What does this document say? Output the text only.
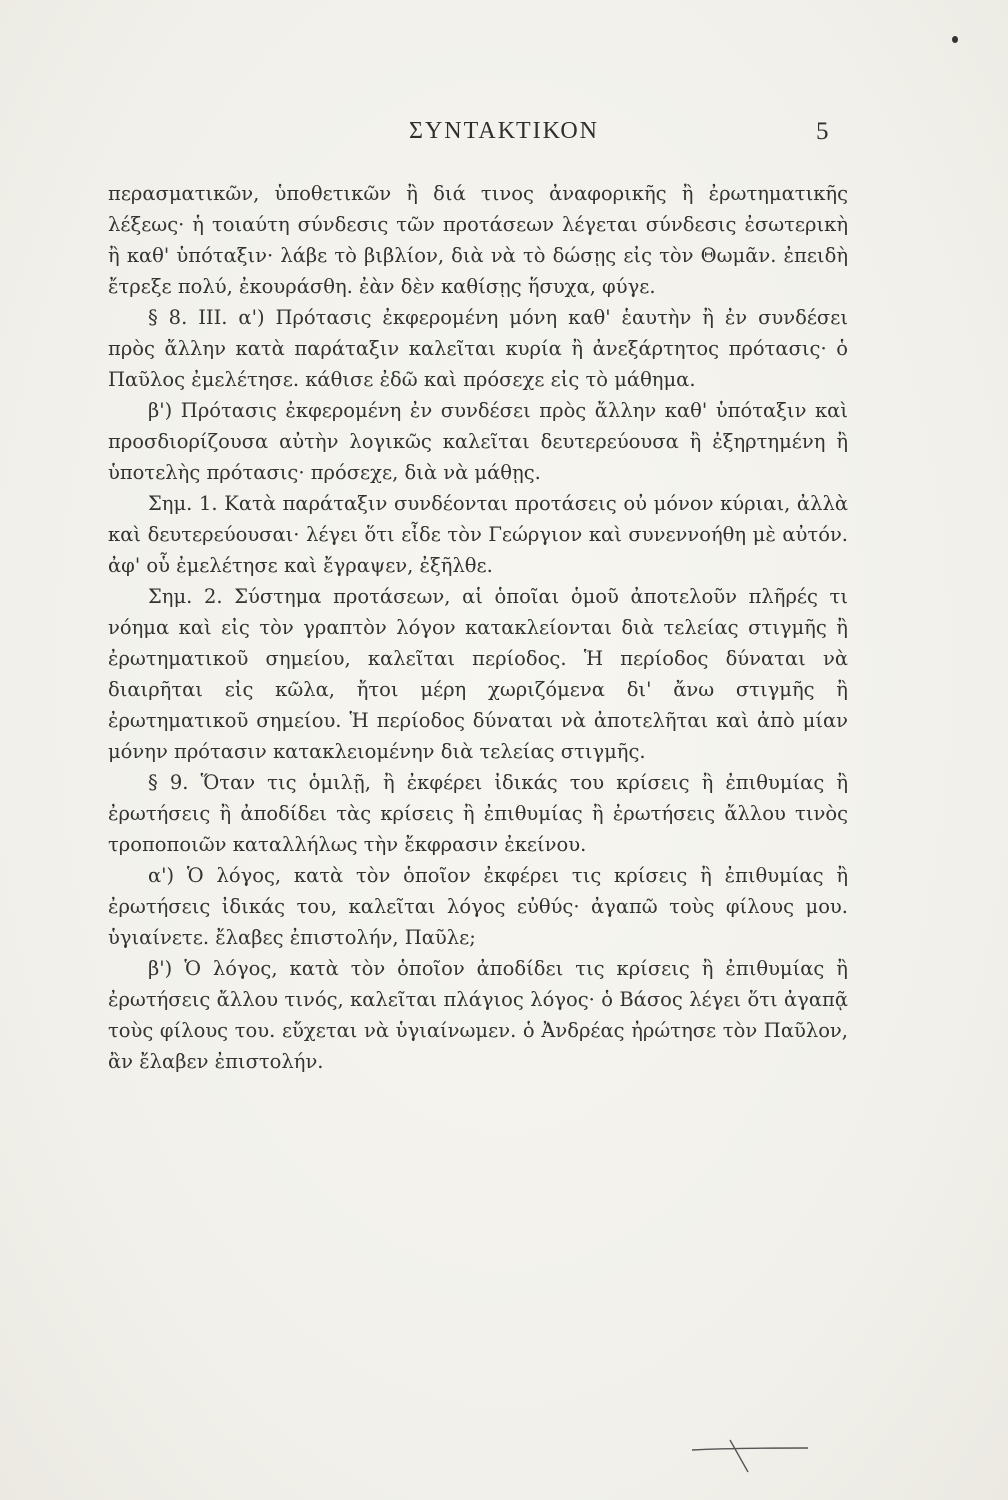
ΣΥΝΤΑΚΤΙΚΟΝ	5

περασματικῶν, ὑποθετικῶν ἢ διά τινος ἀναφορικῆς ἢ ἐρωτηματικῆς λέξεως· ἡ τοιαύτη σύνδεσις τῶν προτάσεων λέγεται σύνδεσις ἐσωτερικὴ ἢ καθ' ὑπόταξιν· λάβε τὸ βιβλίον, διὰ νὰ τὸ δώσῃς εἰς τὸν Θωμᾶν. ἐπειδὴ ἔτρεξε πολύ, ἐκουράσθη. ἐὰν δὲν καθίσῃς ἥσυχα, φύγε.

§ 8. III. α') Πρότασις ἐκφερομένη μόνη καθ' ἑαυτὴν ἢ ἐν συνδέσει πρὸς ἄλλην κατὰ παράταξιν καλεῖται κυρία ἢ ἀνεξάρτητος πρότασις· ὁ Παῦλος ἐμελέτησε. κάθισε ἐδῶ καὶ πρόσεχε εἰς τὸ μάθημα.

β') Πρότασις ἐκφερομένη ἐν συνδέσει πρὸς ἄλλην καθ' ὑπόταξιν καὶ προσδιορίζουσα αὐτὴν λογικῶς καλεῖται δευτερεύουσα ἢ ἐξηρτημένη ἢ ὑποτελὴς πρότασις· πρόσεχε, διὰ νὰ μάθῃς.

Σημ. 1. Κατὰ παράταξιν συνδέονται προτάσεις οὐ μόνον κύριαι, ἀλλὰ καὶ δευτερεύουσαι· λέγει ὅτι εἶδε τὸν Γεώργιον καὶ συνεννοήθη μὲ αὐτόν. ἀφ' οὗ ἐμελέτησε καὶ ἔγραψεν, ἐξῆλθε.

Σημ. 2. Σύστημα προτάσεων, αἱ ὁποῖαι ὁμοῦ ἀποτελοῦν πλῆρές τι νόημα καὶ εἰς τὸν γραπτὸν λόγον κατακλείονται διὰ τελείας στιγμῆς ἢ ἐρωτηματικοῦ σημείου, καλεῖται περίοδος. Ἡ περίοδος δύναται νὰ διαιρῆται εἰς κῶλα, ἤτοι μέρη χωριζόμενα δι' ἄνω στιγμῆς ἢ ἐρωτηματικοῦ σημείου. Ἡ περίοδος δύναται νὰ ἀποτελῆται καὶ ἀπὸ μίαν μόνην πρότασιν κατακλειομένην διὰ τελείας στιγμῆς.

§ 9. Ὅταν τις ὁμιλῇ, ἢ ἐκφέρει ἰδικάς του κρίσεις ἢ ἐπιθυμίας ἢ ἐρωτήσεις ἢ ἀποδίδει τὰς κρίσεις ἢ ἐπιθυμίας ἢ ἐρωτήσεις ἄλλου τινὸς τροποποιῶν καταλλήλως τὴν ἔκφρασιν ἐκείνου.

α') Ὁ λόγος, κατὰ τὸν ὁποῖον ἐκφέρει τις κρίσεις ἢ ἐπιθυμίας ἢ ἐρωτήσεις ἰδικάς του, καλεῖται λόγος εὐθύς· ἀγαπῶ τοὺς φίλους μου. ὑγιαίνετε. ἔλαβες ἐπιστολήν, Παῦλε;

β') Ὁ λόγος, κατὰ τὸν ὁποῖον ἀποδίδει τις κρίσεις ἢ ἐπιθυμίας ἢ ἐρωτήσεις ἄλλου τινός, καλεῖται πλάγιος λόγος· ὁ Βάσος λέγει ὅτι ἀγαπᾷ τοὺς φίλους του. εὔχεται νὰ ὑγιαίνωμεν. ὁ Ἀνδρέας ἠρώτησε τὸν Παῦλον, ἂν ἔλαβεν ἐπιστολήν.
